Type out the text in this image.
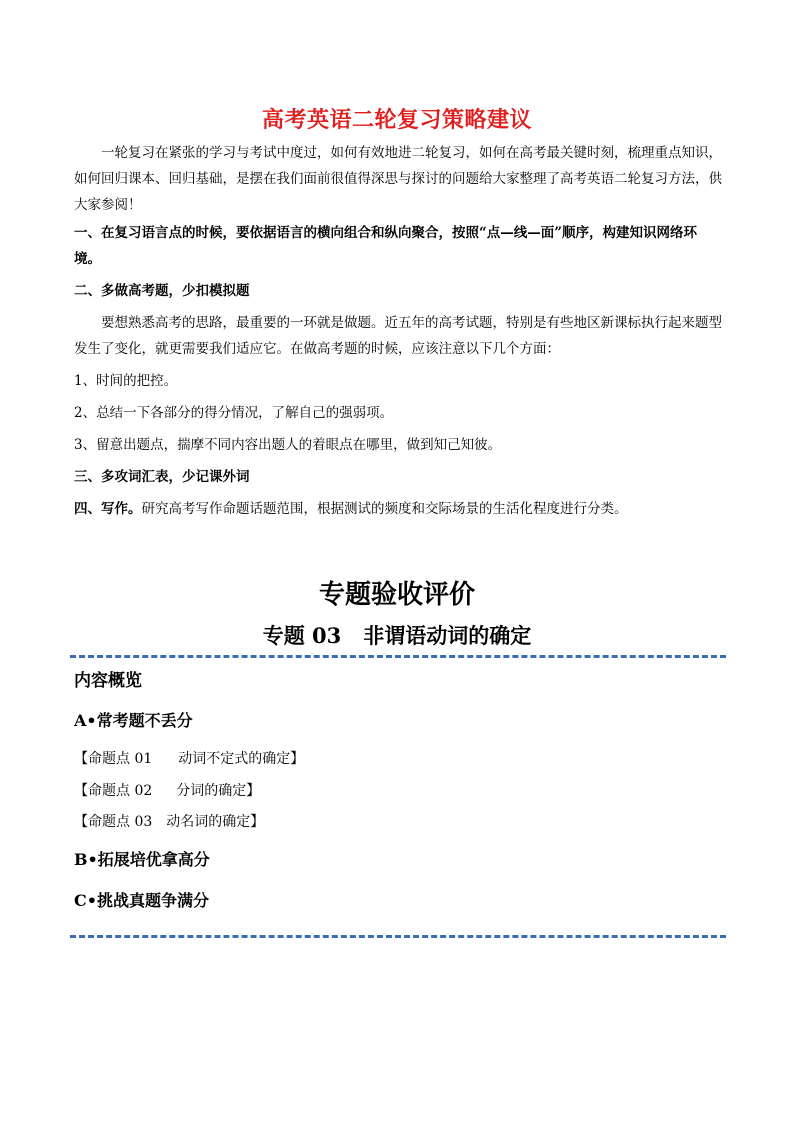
高考英语二轮复习策略建议

一轮复习在紧张的学习与考试中度过，如何有效地进二轮复习，如何在高考最关键时刻，梳理重点知识，如何回归课本、回归基础，是摆在我们面前很值得深思与探讨的问题给大家整理了高考英语二轮复习方法，供大家参阅！

一、在复习语言点的时候，要依据语言的横向组合和纵向聚合，按照“点—线—面”顺序，构建知识网络环境。

二、多做高考题，少扣模拟题

要想熟悉高考的思路，最重要的一环就是做题。近五年的高考试题，特别是有些地区新课标执行起来题型发生了变化，就更需要我们适应它。在做高考题的时候，应该注意以下几个方面：

1、时间的把控。

2、总结一下各部分的得分情况，了解自己的强弱项。

3、留意出题点，揣摩不同内容出题人的着眼点在哪里，做到知己知彼。

三、多攻词汇表，少记课外词

四、写作。研究高考写作命题话题范围，根据测试的频度和交际场景的生活化程度进行分类。

专题验收评价
专题 03 非谓语动词的确定
内容概览
A•常考题不丢分
【命题点 01 动词不定式的确定】
【命题点 02 分词的确定】
【命题点 03 动名词的确定】
B•拓展培优拿高分
C•挑战真题争满分
